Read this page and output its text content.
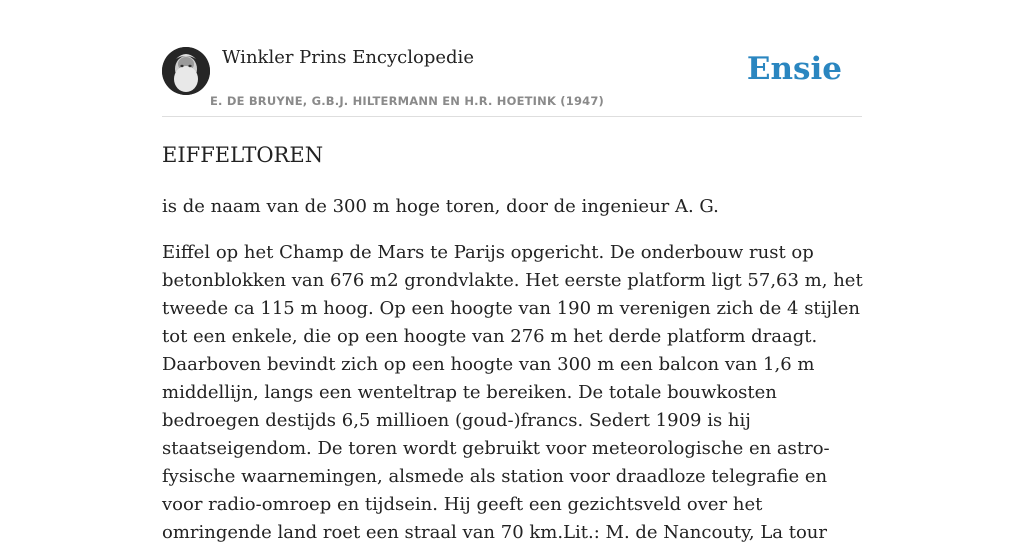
Winkler Prins Encyclopedie
E. DE BRUYNE, G.B.J. HILTERMANN EN H.R. HOETINK (1947)
Ensie
EIFFELTOREN

is de naam van de 300 m hoge toren, door de ingenieur A. G.

Eiffel op het Champ de Mars te Parijs opgericht. De onderbouw rust op betonblokken van 676 m2 grondvlakte. Het eerste platform ligt 57,63 m, het tweede ca 115 m hoog. Op een hoogte van 190 m verenigen zich de 4 stijlen tot een enkele, die op een hoogte van 276 m het derde platform draagt. Daarboven bevindt zich op een hoogte van 300 m een balcon van 1,6 m middellijn, langs een wenteltrap te bereiken. De totale bouwkosten bedroegen destijds 6,5 millioen (goud-)francs. Sedert 1909 is hij staatseigendom. De toren wordt gebruikt voor meteorologische en astro-fysische waarnemingen, alsmede als station voor draadloze telegrafie en voor radio-omroep en tijdsein. Hij geeft een gezichtsveld over het omringende land roet een straal van 70 km.Lit.: M. de Nancouty, La tour
